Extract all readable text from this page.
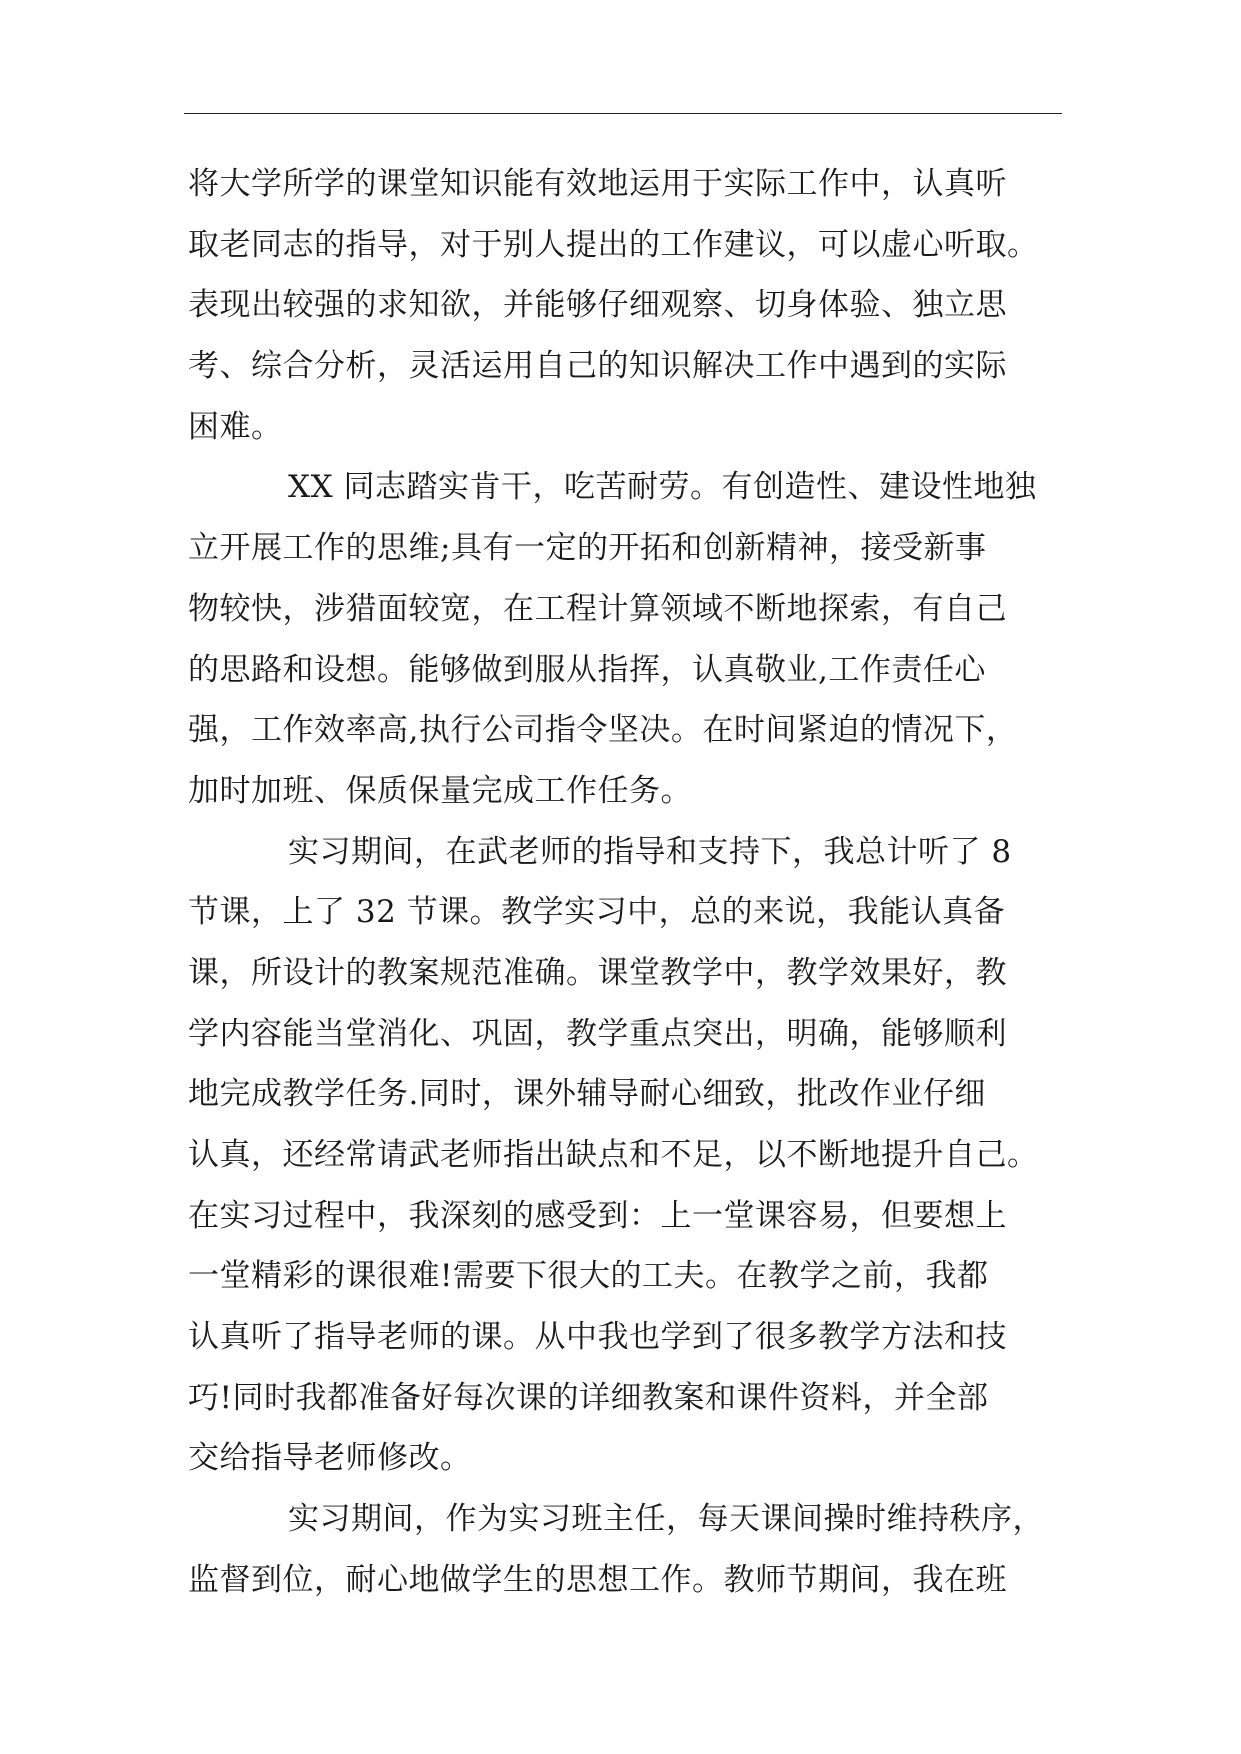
将大学所学的课堂知识能有效地运用于实际工作中，认真听
取老同志的指导，对于别人提出的工作建议，可以虚心听取。
表现出较强的求知欲，并能够仔细观察、切身体验、独立思
考、综合分析，灵活运用自己的知识解决工作中遇到的实际
困难。
XX 同志踏实肯干，吃苦耐劳。有创造性、建设性地独
立开展工作的思维;具有一定的开拓和创新精神，接受新事
物较快，涉猎面较宽，在工程计算领域不断地探索，有自己
的思路和设想。能够做到服从指挥，认真敬业,工作责任心
强，工作效率高,执行公司指令坚决。在时间紧迫的情况下，
加时加班、保质保量完成工作任务。
实习期间，在武老师的指导和支持下，我总计听了 8
节课，上了 32 节课。教学实习中，总的来说，我能认真备
课，所设计的教案规范准确。课堂教学中，教学效果好，教
学内容能当堂消化、巩固，教学重点突出，明确，能够顺利
地完成教学任务.同时，课外辅导耐心细致，批改作业仔细
认真，还经常请武老师指出缺点和不足，以不断地提升自己。
在实习过程中，我深刻的感受到：上一堂课容易，但要想上
一堂精彩的课很难!需要下很大的工夫。在教学之前，我都
认真听了指导老师的课。从中我也学到了很多教学方法和技
巧!同时我都准备好每次课的详细教案和课件资料，并全部
交给指导老师修改。
实习期间，作为实习班主任，每天课间操时维持秩序，
监督到位，耐心地做学生的思想工作。教师节期间，我在班
